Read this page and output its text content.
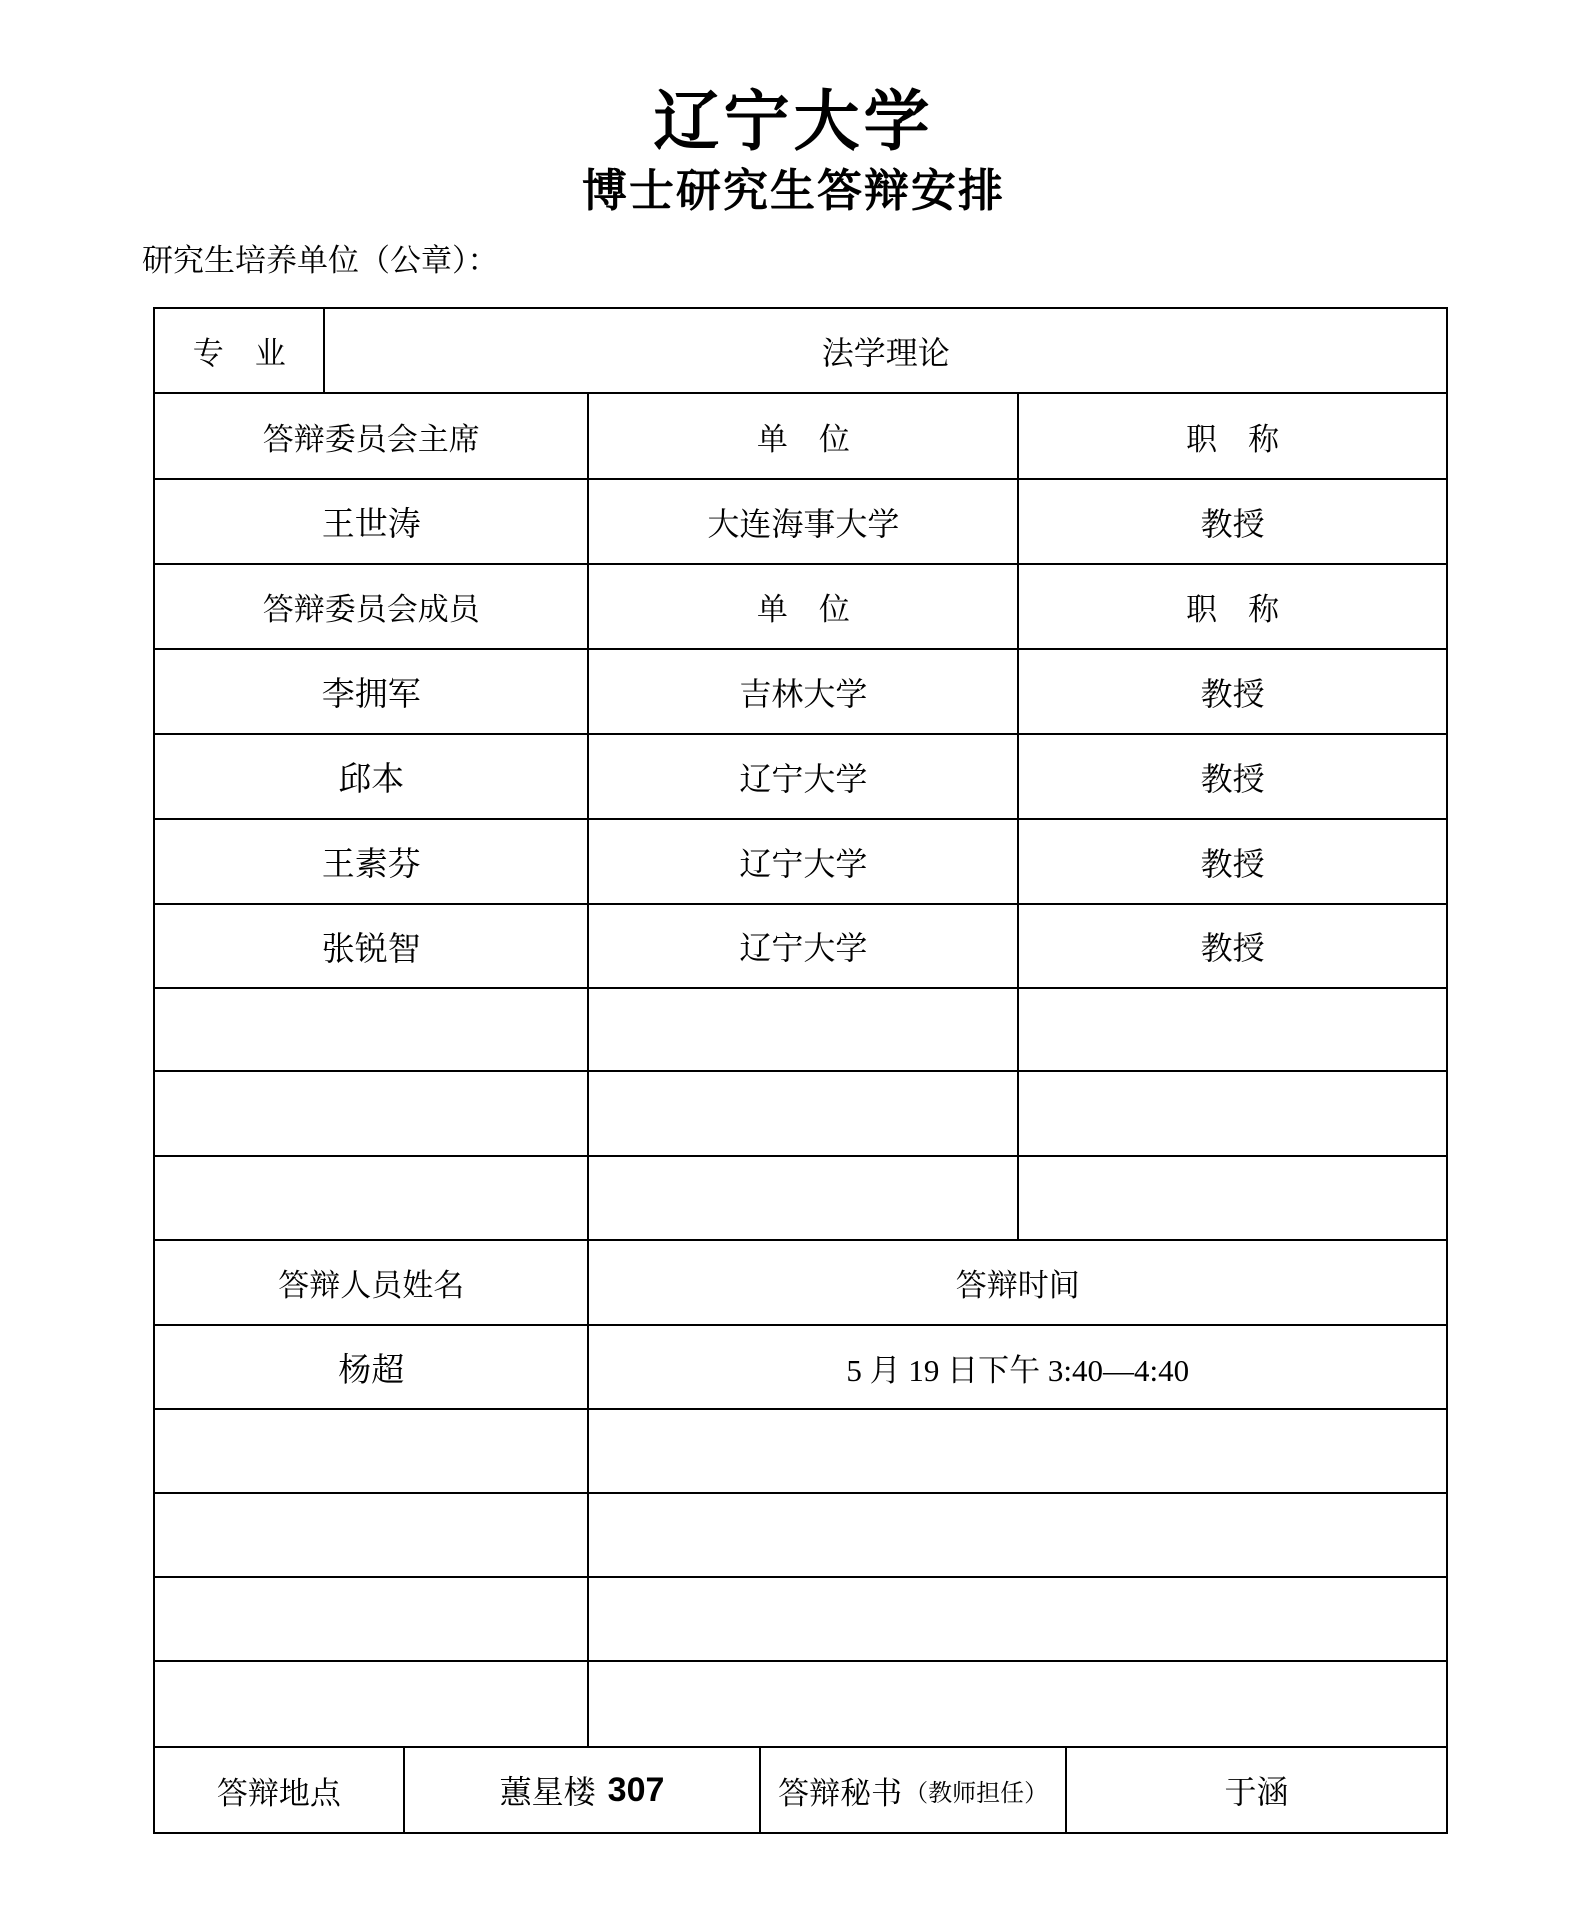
辽宁大学
博士研究生答辩安排
研究生培养单位（公章）：
专　业	法学理论
答辩委员会主席	单　位	职　称
王世涛	大连海事大学	教授
答辩委员会成员	单　位	职　称
李拥军	吉林大学	教授
邱本	辽宁大学	教授
王素芬	辽宁大学	教授
张锐智	辽宁大学	教授
答辩人员姓名	答辩时间
杨超	5 月 19 日下午 3:40—4:40
答辩地点	蕙星楼 307	答辩秘书 （教师担任）	于涵
